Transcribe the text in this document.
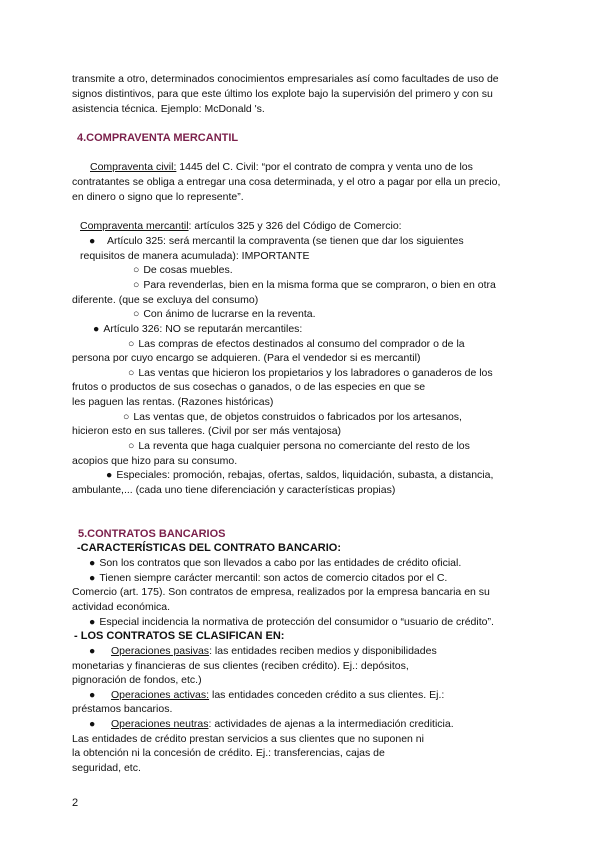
transmite a otro, determinados conocimientos empresariales así como facultades de uso de
signos distintivos, para que este último los explote bajo la supervisión del primero y con su
asistencia técnica. Ejemplo: McDonald 's.
4.COMPRAVENTA MERCANTIL
Compraventa civil: 1445 del C. Civil: “por el contrato de compra y venta uno de los
contratantes se obliga a entregar una cosa determinada, y el otro a pagar por ella un precio,
en dinero o signo que lo represente”.
Compraventa mercantil: artículos 325 y 326 del Código de Comercio:
● Artículo 325: será mercantil la compraventa (se tienen que dar los siguientes
requisitos de manera acumulada): IMPORTANTE
○ De cosas muebles.
○ Para revenderlas, bien en la misma forma que se compraron, o bien en otra
diferente. (que se excluya del consumo)
○ Con ánimo de lucrarse en la reventa.
● Artículo 326: NO se reputarán mercantiles:
○ Las compras de efectos destinados al consumo del comprador o de la
persona por cuyo encargo se adquieren. (Para el vendedor si es mercantil)
○ Las ventas que hicieron los propietarios y los labradores o ganaderos de los
frutos o productos de sus cosechas o ganados, o de las especies en que se
les paguen las rentas. (Razones históricas)
○ Las ventas que, de objetos construidos o fabricados por los artesanos,
hicieron esto en sus talleres. (Civil por ser más ventajosa)
○ La reventa que haga cualquier persona no comerciante del resto de los
acopios que hizo para su consumo.
● Especiales: promoción, rebajas, ofertas, saldos, liquidación, subasta, a distancia,
ambulante,... (cada uno tiene diferenciación y características propias)
5.CONTRATOS BANCARIOS
-CARACTERÍSTICAS DEL CONTRATO BANCARIO:
● Son los contratos que son llevados a cabo por las entidades de crédito oficial.
● Tienen siempre carácter mercantil: son actos de comercio citados por el C.
Comercio (art. 175). Son contratos de empresa, realizados por la empresa bancaria en su
actividad económica.
● Especial incidencia la normativa de protección del consumidor o “usuario de crédito”.
- LOS CONTRATOS SE CLASIFICAN EN:
● Operaciones pasivas: las entidades reciben medios y disponibilidades
monetarias y financieras de sus clientes (reciben crédito). Ej.: depósitos,
pignoración de fondos, etc.)
● Operaciones activas: las entidades conceden crédito a sus clientes. Ej.:
préstamos bancarios.
● Operaciones neutras: actividades de ajenas a la intermediación crediticia.
Las entidades de crédito prestan servicios a sus clientes que no suponen ni
la obtención ni la concesión de crédito. Ej.: transferencias, cajas de
seguridad, etc.
2
